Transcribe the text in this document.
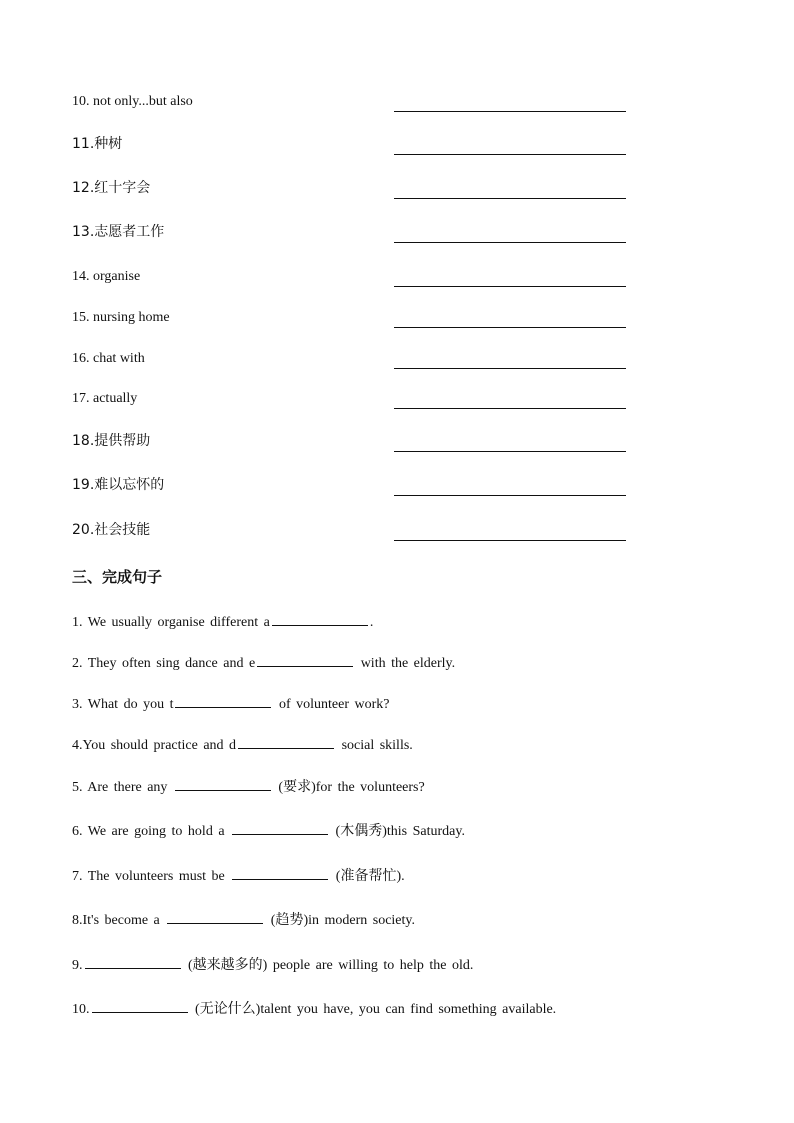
10. not only...but also
11.种树
12.红十字会
13.志愿者工作
14. organise
15. nursing home
16. chat with
17. actually
18.提供帮助
19.难以忘怀的
20.社会技能
三、完成句子
1. We usually organise different a	.
2. They often sing dance and e	with the elderly.
3. What do you t	of volunteer work?
4.You should practice and d	social skills.
5. Are there any	(要求)for the volunteers?
6. We are going to hold a	(木偶秀)this Saturday.
7. The volunteers must be	(准备帮忙).
8.It's become a	(趋势)in modern society.
9.	(越来越多的) people are willing to help the old.
10.	(无论什么)talent you have, you can find something available.
